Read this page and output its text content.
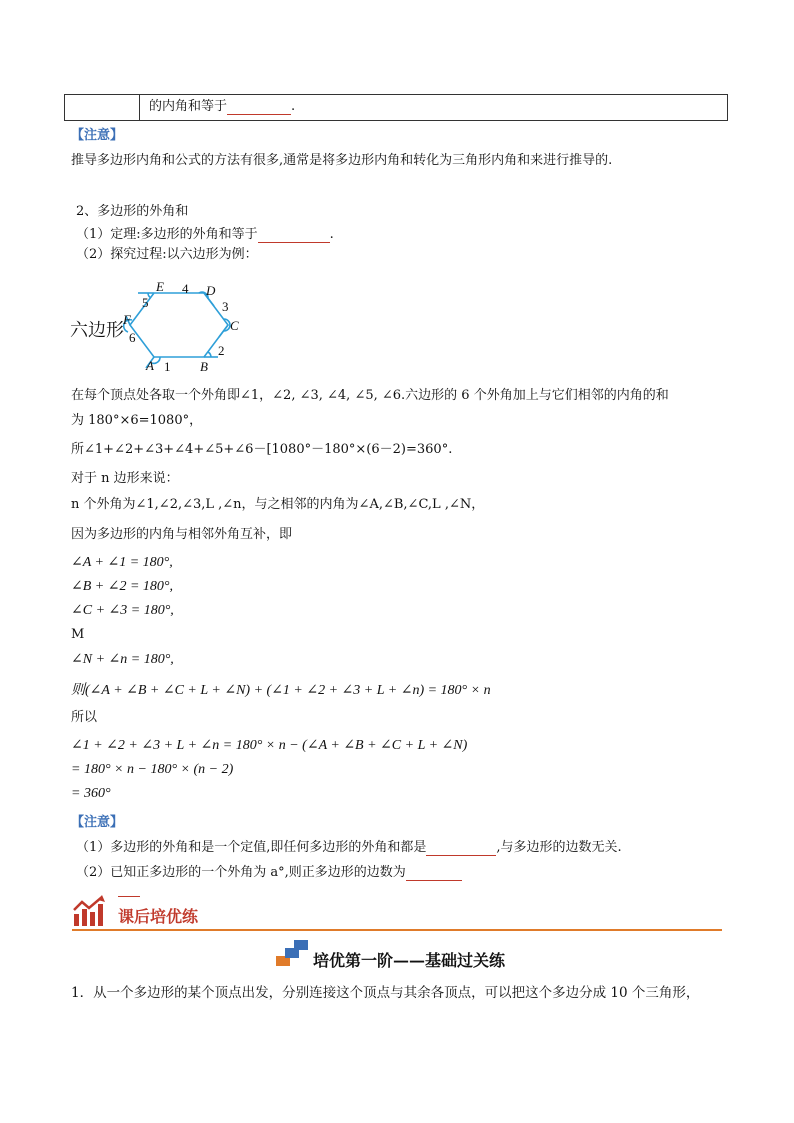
的内角和等于	.
【注意】
推导多边形内角和公式的方法有很多,通常是将多边形内角和转化为三角形内角和来进行推导的.
2、多边形的外角和
（1）定理:多边形的外角和等于	.
（2）探究过程:以六边形为例：
六边形
E	D
C
B
A
F
5
4
3
2
1
6
在每个顶点处各取一个外角即∠1，∠2, ∠3, ∠4, ∠5, ∠6.六边形的 6 个外角加上与它们相邻的内角的和
为 180°×6=1080°，
所∠1+∠2+∠3+∠4+∠5+∠6－[1080°－180°×(6－2)=360°.
对于 n 边形来说：
n 个外角为∠1,∠2,∠3,L ,∠n，与之相邻的内角为∠A,∠B,∠C,L ,∠N，
因为多边形的内角与相邻外角互补，即
∠A + ∠1 = 180°,
∠B + ∠2 = 180°,
∠C + ∠3 = 180°,
M
∠N + ∠n = 180°,
则(∠A + ∠B + ∠C + L + ∠N) + (∠1 + ∠2 + ∠3 + L + ∠n) = 180° × n
所以
∠1 + ∠2 + ∠3 + L + ∠n = 180° × n − (∠A + ∠B + ∠C + L + ∠N)
= 180° × n − 180° × (n − 2)
= 360°
【注意】
（1）多边形的外角和是一个定值,即任何多边形的外角和都是	,与多边形的边数无关.
（2）已知正多边形的一个外角为 a°,则正多边形的边数为
课后培优练
培优第一阶——基础过关练
1．从一个多边形的某个顶点出发，分别连接这个顶点与其余各顶点，可以把这个多边分成 10 个三角形，
